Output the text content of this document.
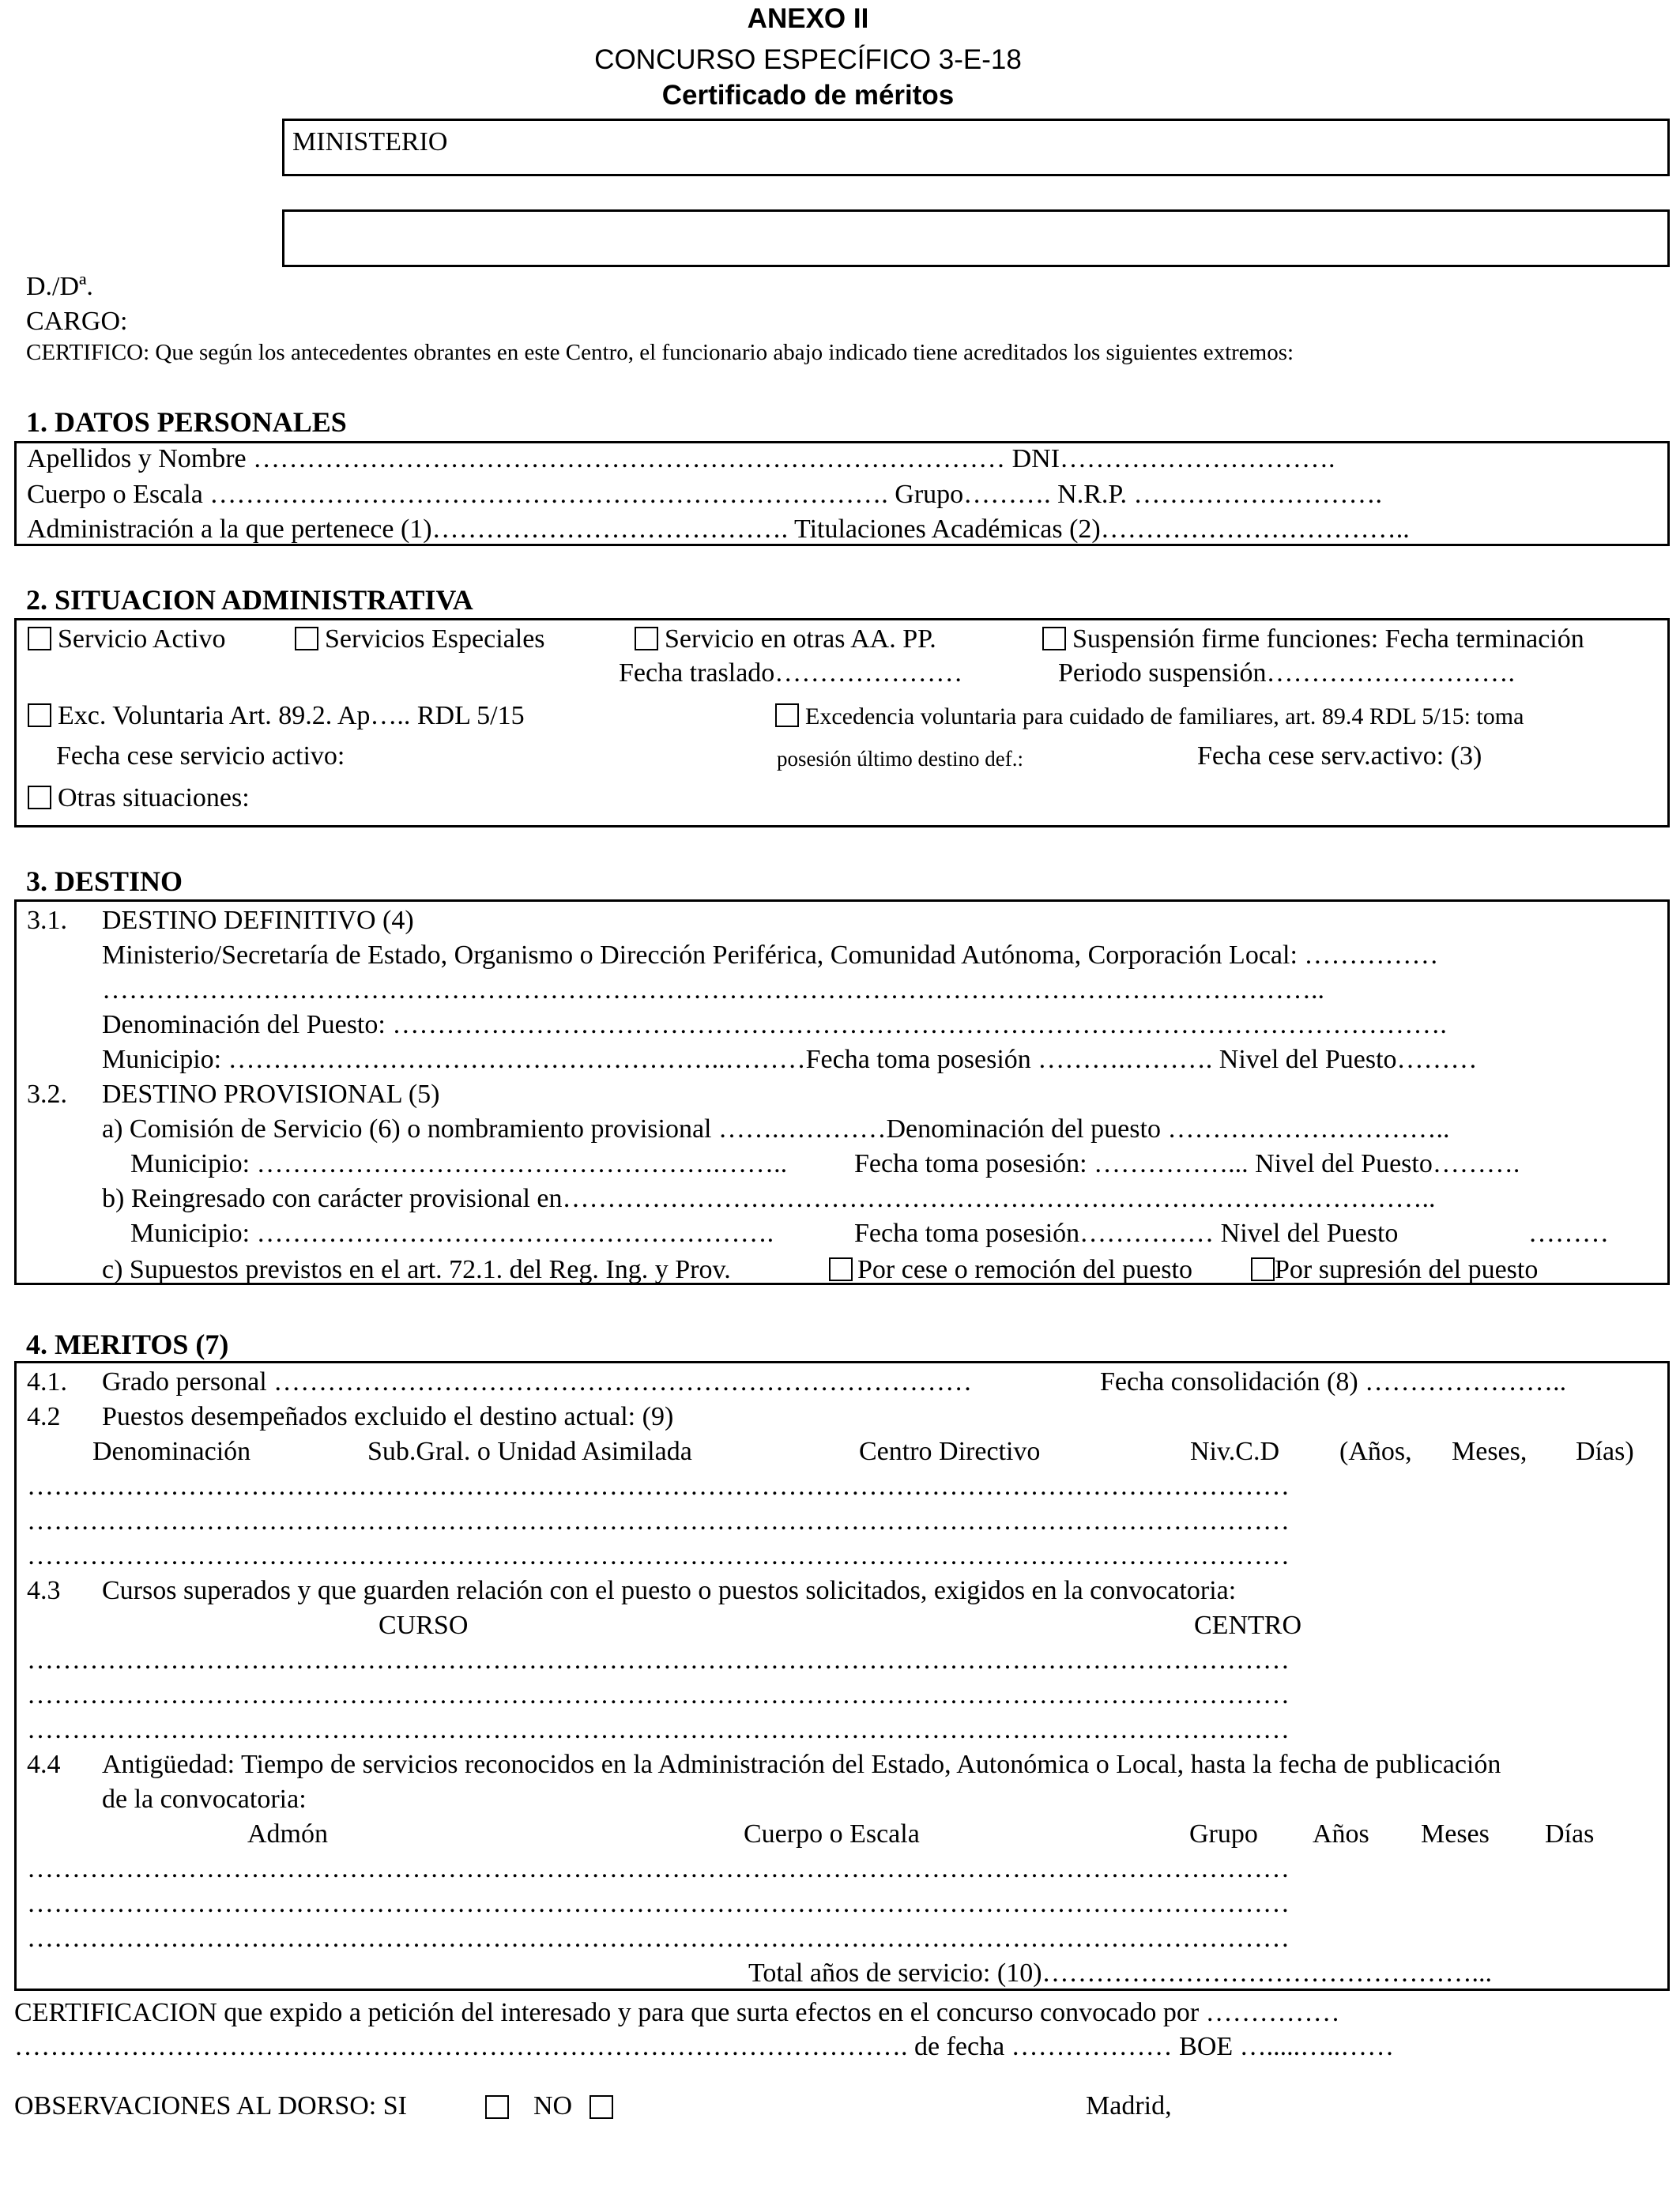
ANEXO II
CONCURSO ESPECÍFICO 3-E-18
Certificado de méritos
MINISTERIO
D./Dª.
CARGO:
CERTIFICO: Que según los antecedentes obrantes en este Centro, el funcionario abajo indicado tiene acreditados los siguientes extremos:
1. DATOS PERSONALES
Apellidos y Nombre ………………………………………………………………………… DNI………………………….
Cuerpo o Escala …………………………………………………………………. Grupo………. N.R.P. ……………………….
Administración a la que pertenece (1)…………………………………. Titulaciones Académicas (2)……………………………..
2. SITUACION ADMINISTRATIVA
Servicio Activo	Servicios Especiales	Servicio en otras AA. PP.	Suspensión firme funciones: Fecha terminación
Fecha traslado…………………	Periodo suspensión……………………….
Exc. Voluntaria Art. 89.2. Ap….. RDL 5/15	Excedencia voluntaria para cuidado de familiares, art. 89.4 RDL 5/15: toma
Fecha cese servicio activo:	posesión último destino def.:	Fecha cese serv.activo: (3)
Otras situaciones:
3. DESTINO
3.1. DESTINO DEFINITIVO (4)
Ministerio/Secretaría de Estado, Organismo o Dirección Periférica, Comunidad Autónoma, Corporación Local: ……………
………………………………………………………………………………………………………………………..
Denominación del Puesto: ……………………………………………………………………………………………………….
Municipio: ………………………………………………..………Fecha toma posesión ……….………. Nivel del Puesto………
3.2. DESTINO PROVISIONAL (5)
a) Comisión de Servicio (6) o nombramiento provisional …….…………Denominación del puesto …………………………..
Municipio: …………………………………………….…….. Fecha toma posesión: ……………... Nivel del Puesto……….
b) Reingresado con carácter provisional en……………………………………………………………………………………..
Municipio: ………………………………………………….	Fecha toma posesión…………… Nivel del Puesto	………
c) Supuestos previstos en el art. 72.1. del Reg. Ing. y Prov.	Por cese o remoción del puesto	Por supresión del puesto
4. MERITOS (7)
4.1. Grado personal ……………………………………………………………………	Fecha consolidación (8) …………………..
4.2 Puestos desempeñados excluido el destino actual: (9)
Denominación	Sub.Gral. o Unidad Asimilada	Centro Directivo	Niv.C.D (Años, Meses, Días)
……………………………………………………………………………………………………………………………
……………………………………………………………………………………………………………………………
……………………………………………………………………………………………………………………………
4.3 Cursos superados y que guarden relación con el puesto o puestos solicitados, exigidos en la convocatoria:
CURSO	CENTRO
……………………………………………………………………………………………………………………………
……………………………………………………………………………………………………………………………
……………………………………………………………………………………………………………………………
4.4 Antigüedad: Tiempo de servicios reconocidos en la Administración del Estado, Autonómica o Local, hasta la fecha de publicación
de la convocatoria:
Admón	Cuerpo o Escala	Grupo Años Meses Días
……………………………………………………………………………………………………………………………
……………………………………………………………………………………………………………………………
……………………………………………………………………………………………………………………………
Total años de servicio: (10)…………………………………………...
CERTIFICACION que expido a petición del interesado y para que surta efectos en el concurso convocado por ……………
………………………………………………………………………………………. de fecha ……………… BOE ….....…..……
OBSERVACIONES AL DORSO: SI	NO	Madrid,
